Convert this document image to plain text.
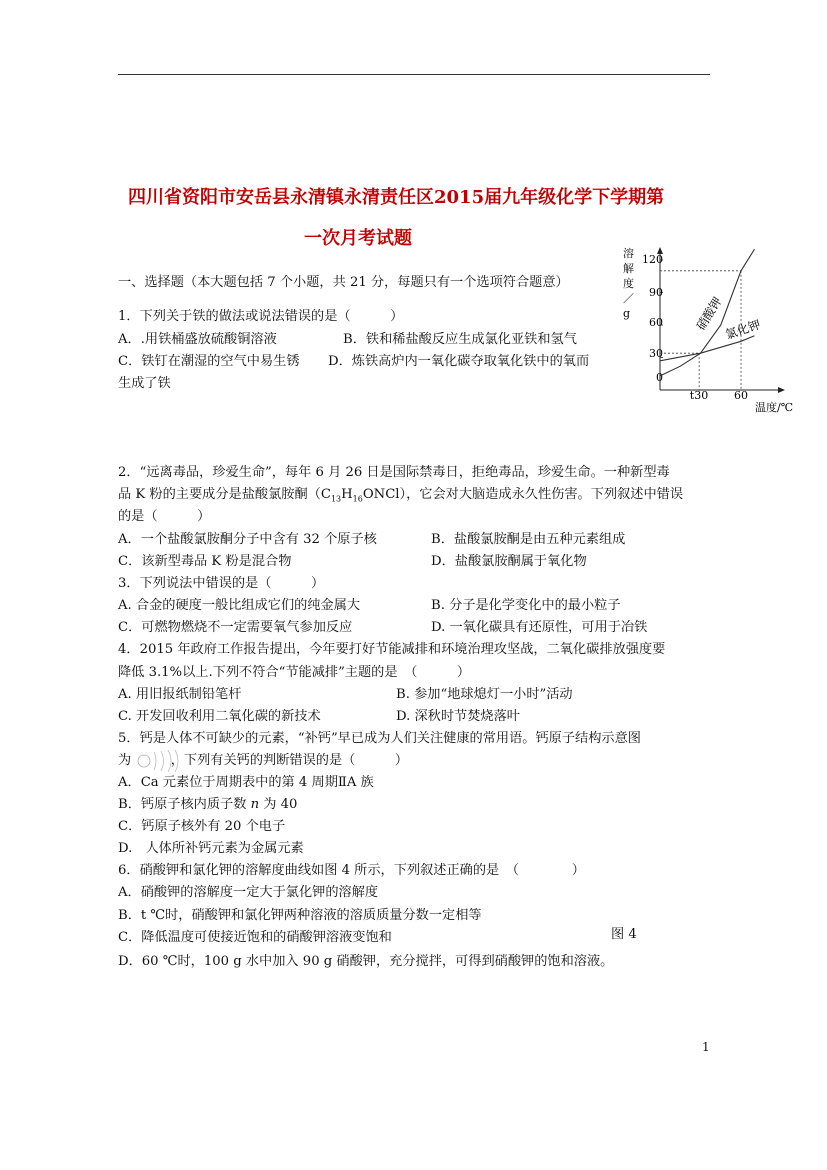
四川省资阳市安岳县永清镇永清责任区2015届九年级化学下学期第
一次月考试题
一、选择题（本大题包括 7 个小题，共 21 分，每题只有一个选项符合题意）
1．下列关于铁的做法或说法错误的是（　　　）
A．.用铁桶盛放硫酸铜溶液	B．铁和稀盐酸反应生成氯化亚铁和氢气
C．铁钉在潮湿的空气中易生锈 D．炼铁高炉内一氧化碳夺取氧化铁中的氧而
生成了铁
溶
解
度
／
g
120
90
60
30
0
t30 60
温度/℃
硝酸钾
氯化钾
2．“远离毒品，珍爱生命”，每年 6 月 26 日是国际禁毒日，拒绝毒品，珍爱生命。一种新型毒
品 K 粉的主要成分是盐酸氯胺酮$(C_{13}H_{16}ONCl)$，它会对大脑造成永久性伤害。下列叙述中错误
的是（　　　）
A．一个盐酸氯胺酮分子中含有 32 个原子核	B．盐酸氯胺酮是由五种元素组成
C．该新型毒品 K 粉是混合物	D．盐酸氯胺酮属于氧化物
3．下列说法中错误的是（　　　）
A. 合金的硬度一般比组成它们的纯金属大	B. 分子是化学变化中的最小粒子
C．可燃物燃烧不一定需要氧气参加反应	D. 一氧化碳具有还原性，可用于冶铁
4．2015 年政府工作报告提出，今年要打好节能减排和环境治理攻坚战，二氧化碳排放强度要
降低 3.1%以上.下列不符合“节能减排”主题的是　（　　　）
A. 用旧报纸制铅笔杆	B. 参加“地球熄灯一小时”活动
C. 开发回收利用二氧化碳的新技术	D. 深秋时节焚烧落叶
5．钙是人体不可缺少的元素，“补钙”早已成为人们关注健康的常用语。钙原子结构示意图
为　　　，下列有关钙的判断错误的是（　　　）
A．Ca 元素位于周期表中的第 4 周期ⅡA 族
B．钙原子核内质子数 n 为 40
C．钙原子核外有 20 个电子
D.　人体所补钙元素为金属元素
6．硝酸钾和氯化钾的溶解度曲线如图 4 所示，下列叙述正确的是　（　　　　）
A．硝酸钾的溶解度一定大于氯化钾的溶解度
B．t ℃时，硝酸钾和氯化钾两种溶液的溶质质量分数一定相等
C．降低温度可使接近饱和的硝酸钾溶液变饱和	图 4
D．60 ℃时，100 g 水中加入 90 g 硝酸钾，充分搅拌，可得到硝酸钾的饱和溶液。
1
